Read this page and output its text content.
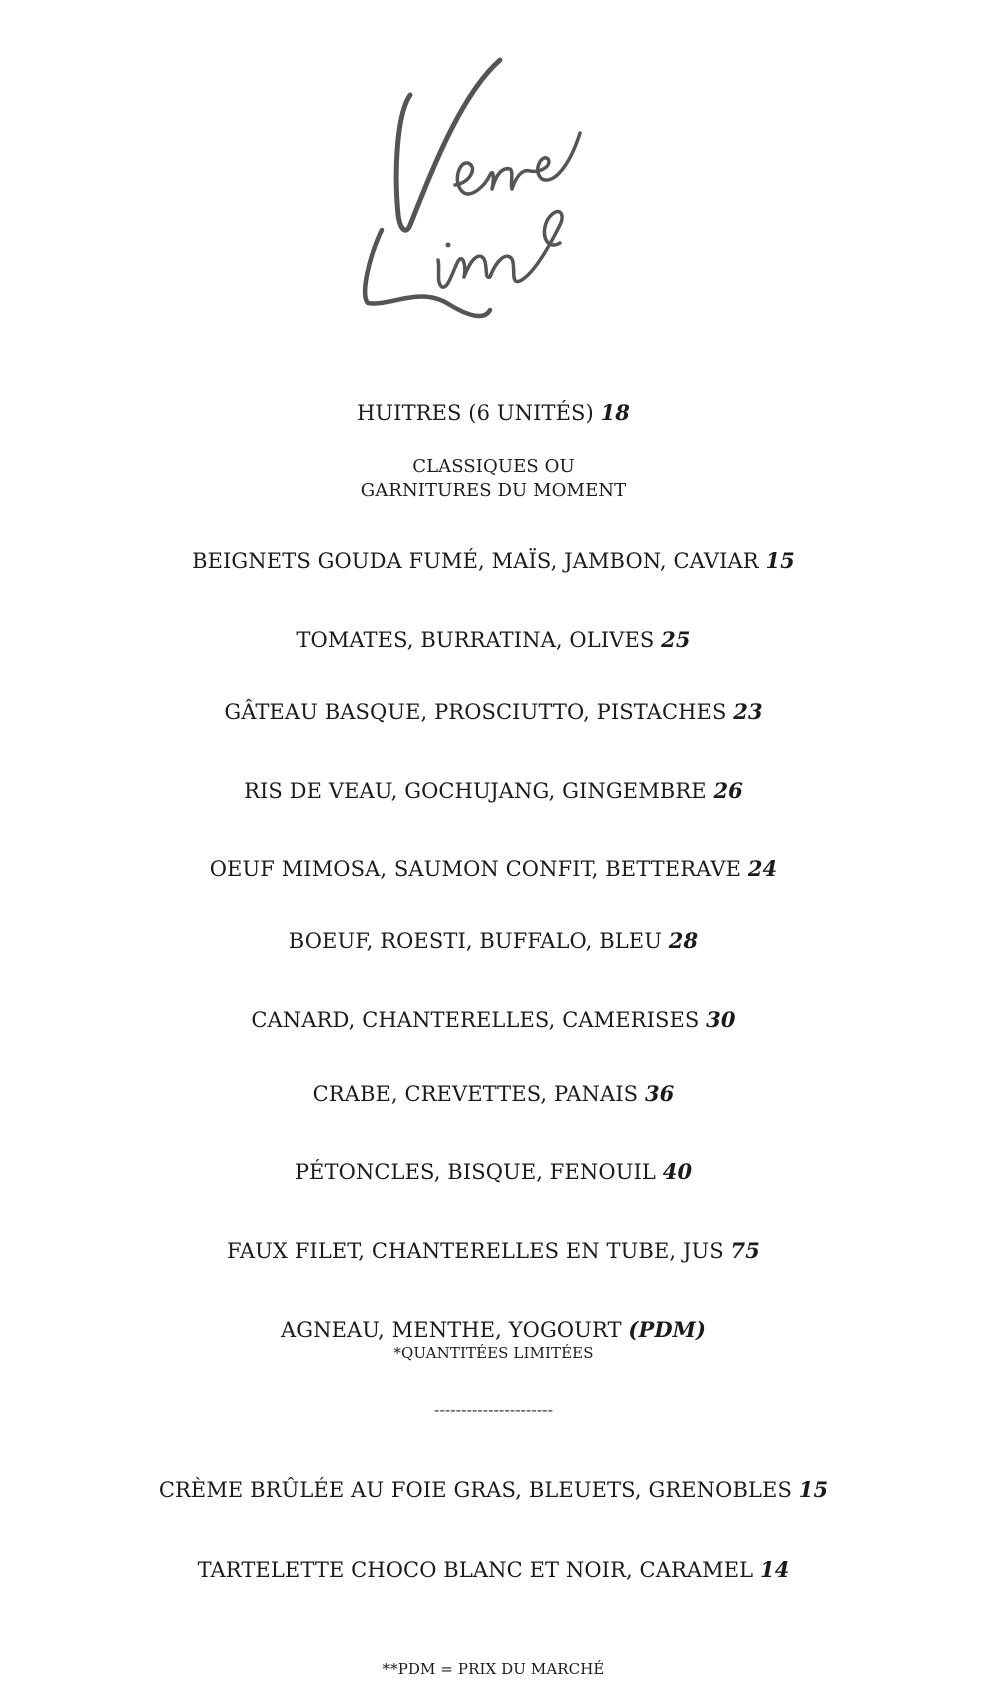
HUITRES (6 UNITÉS) 18
CLASSIQUES OU
GARNITURES DU MOMENT
BEIGNETS GOUDA FUMÉ, MAÏS, JAMBON, CAVIAR 15
TOMATES, BURRATINA, OLIVES 25
GÂTEAU BASQUE, PROSCIUTTO, PISTACHES 23
RIS DE VEAU, GOCHUJANG, GINGEMBRE 26
OEUF MIMOSA, SAUMON CONFIT, BETTERAVE 24
BOEUF, ROESTI, BUFFALO, BLEU 28
CANARD, CHANTERELLES, CAMERISES 30
CRABE, CREVETTES, PANAIS 36
PÉTONCLES, BISQUE, FENOUIL 40
FAUX FILET, CHANTERELLES EN TUBE, JUS 75
AGNEAU, MENTHE, YOGOURT (PDM)
*QUANTITÉES LIMITÉES
----------------------
CRÈME BRÛLÉE AU FOIE GRAS, BLEUETS, GRENOBLES 15
TARTELETTE CHOCO BLANC ET NOIR, CARAMEL 14
**PDM = PRIX DU MARCHÉ
